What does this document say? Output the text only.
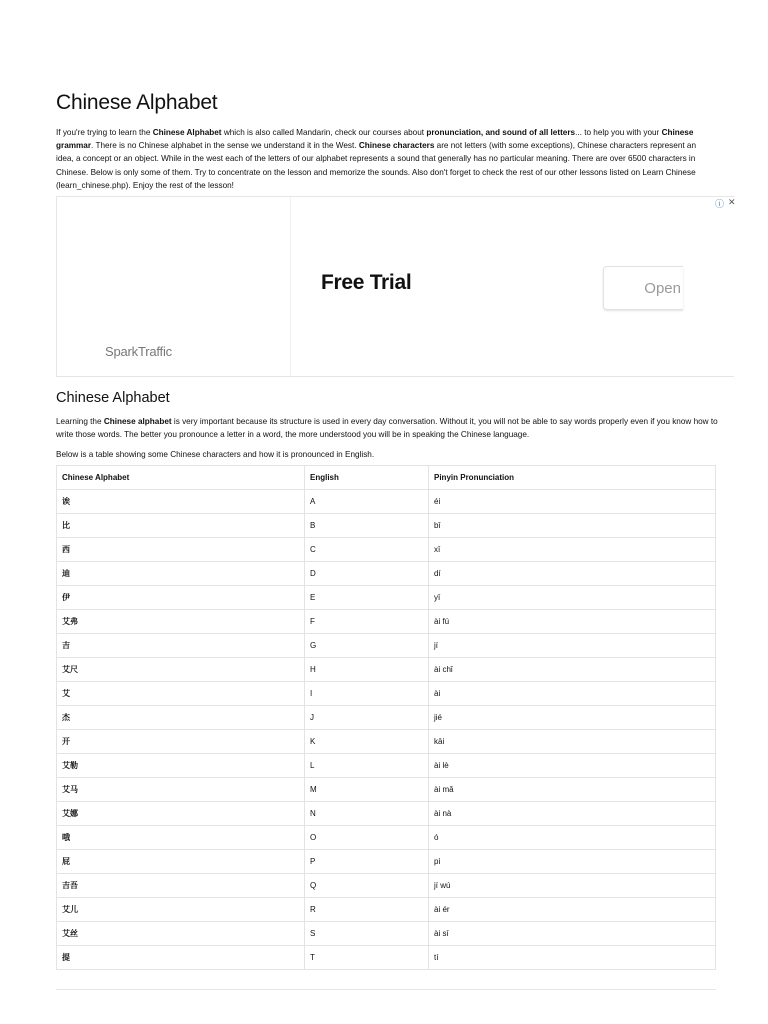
Chinese Alphabet

If you're trying to learn the Chinese Alphabet which is also called Mandarin, check our courses about pronunciation, and sound of all letters... to help you with your Chinese grammar. There is no Chinese alphabet in the sense we understand it in the West. Chinese characters are not letters (with some exceptions), Chinese characters represent an idea, a concept or an object. While in the west each of the letters of our alphabet represents a sound that generally has no particular meaning. There are over 6500 characters in Chinese. Below is only some of them. Try to concentrate on the lesson and memorize the sounds. Also don't forget to check the rest of our other lessons listed on Learn Chinese (learn_chinese.php). Enjoy the rest of the lesson!

Free Trial	Open
SparkTraffic
ⓘ ✕
Chinese Alphabet

Learning the Chinese alphabet is very important because its structure is used in every day conversation. Without it, you will not be able to say words properly even if you know how to write those words. The better you pronounce a letter in a word, the more understood you will be in speaking the Chinese language.

Below is a table showing some Chinese characters and how it is pronounced in English.

Chinese Alphabet	English	Pinyin Pronunciation
诶	A	éi
比	B	bǐ
西	C	xī
迪	D	dí
伊	E	yī
艾弗	F	ài fú
吉	G	jí
艾尺	H	ài chǐ
艾	I	ài
杰	J	jié
开	K	kāi
艾勒	L	ài lè
艾马	M	ài mǎ
艾娜	N	ài nà
哦	O	ó
屁	P	pì
吉吾	Q	jí wú
艾儿	R	ài ér
艾丝	S	ài sī
提	T	tí
